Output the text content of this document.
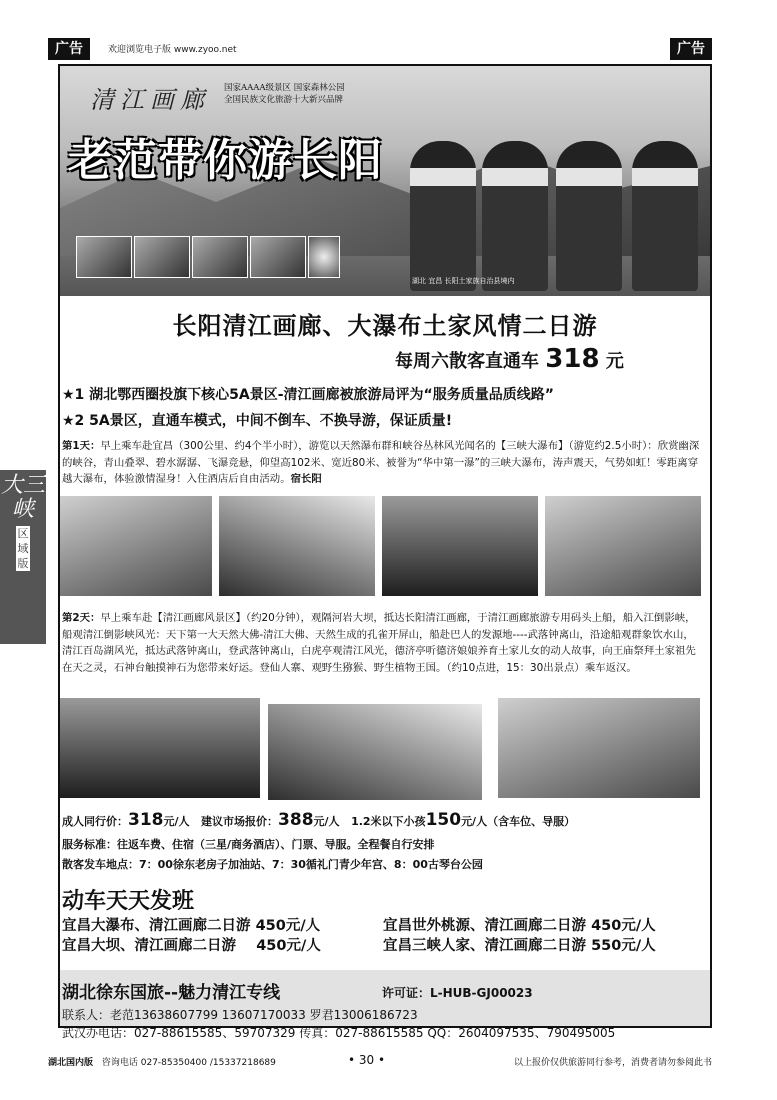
广告	欢迎浏览电子版 www.zyoo.net	广告
清江画廊 国家AAAA级景区 国家森林公园
全国民族文化旅游十大新兴品牌
老范带你游长阳
湖北 宜昌 长阳土家族自治县境内
长阳清江画廊、大瀑布土家风情二日游
每周六散客直通车 318 元
★1 湖北鄂西圈投旗下核心5A景区-清江画廊被旅游局评为“服务质量品质线路”
★2 5A景区，直通车模式，中间不倒车、不换导游，保证质量!
第1天：早上乘车赴宜昌（300公里、约4个半小时），游览以天然瀑布群和峡谷丛林风光闻名的【三峡大瀑布】（游览约2.5小时）：欣赏幽深的峡谷，青山叠翠、碧水潺潺、飞瀑竞悬，仰望高102米、宽近80米、被誉为“华中第一瀑”的三峡大瀑布，涛声震天，气势如虹！零距离穿越大瀑布，体验激情湿身！入住酒店后自由活动。宿长阳
第2天：早上乘车赴【清江画廊风景区】（约20分钟），观隔河岩大坝，抵达长阳清江画廊，于清江画廊旅游专用码头上船，船入江倒影峡，船观清江倒影峡风光：天下第一大天然大佛-清江大佛、天然生成的孔雀开屏山，船赴巴人的发源地----武落钟离山，沿途船观群象饮水山，清江百岛湖风光，抵达武落钟离山，登武落钟离山，白虎亭观清江风光，德济亭听德济娘娘养育土家儿女的动人故事，向王庙祭拜土家祖先在天之灵，石神台触摸神石为您带来好运。登仙人寨、观野生猕猴、野生植物王国。（约10点进，15：30出景点）乘车返汉。
成人同行价：318元/人 建议市场报价：388元/人 1.2米以下小孩150元/人（含车位、导服）
服务标准：往返车费、住宿（三星/商务酒店）、门票、导服。全程餐自行安排
散客发车地点：7：00徐东老房子加油站、7：30循礼门青少年宫、8：00古琴台公园
动车天天发班
宜昌大瀑布、清江画廊二日游 450元/人	宜昌世外桃源、清江画廊二日游 450元/人
宜昌大坝、清江画廊二日游 450元/人	宜昌三峡人家、清江画廊二日游 550元/人
湖北徐东国旅--魅力清江专线	许可证：L-HUB-GJ00023
联系人：老范13638607799 13607170033 罗君13006186723
武汉办电话：027-88615585、59707329 传真：027-88615585 QQ：2604097535、790495005
湖北国内版 咨询电话 027-85350400 /15337218689	• 30 •	以上报价仅供旅游同行参考，消费者请勿参阅此书
大三峡
区域版
